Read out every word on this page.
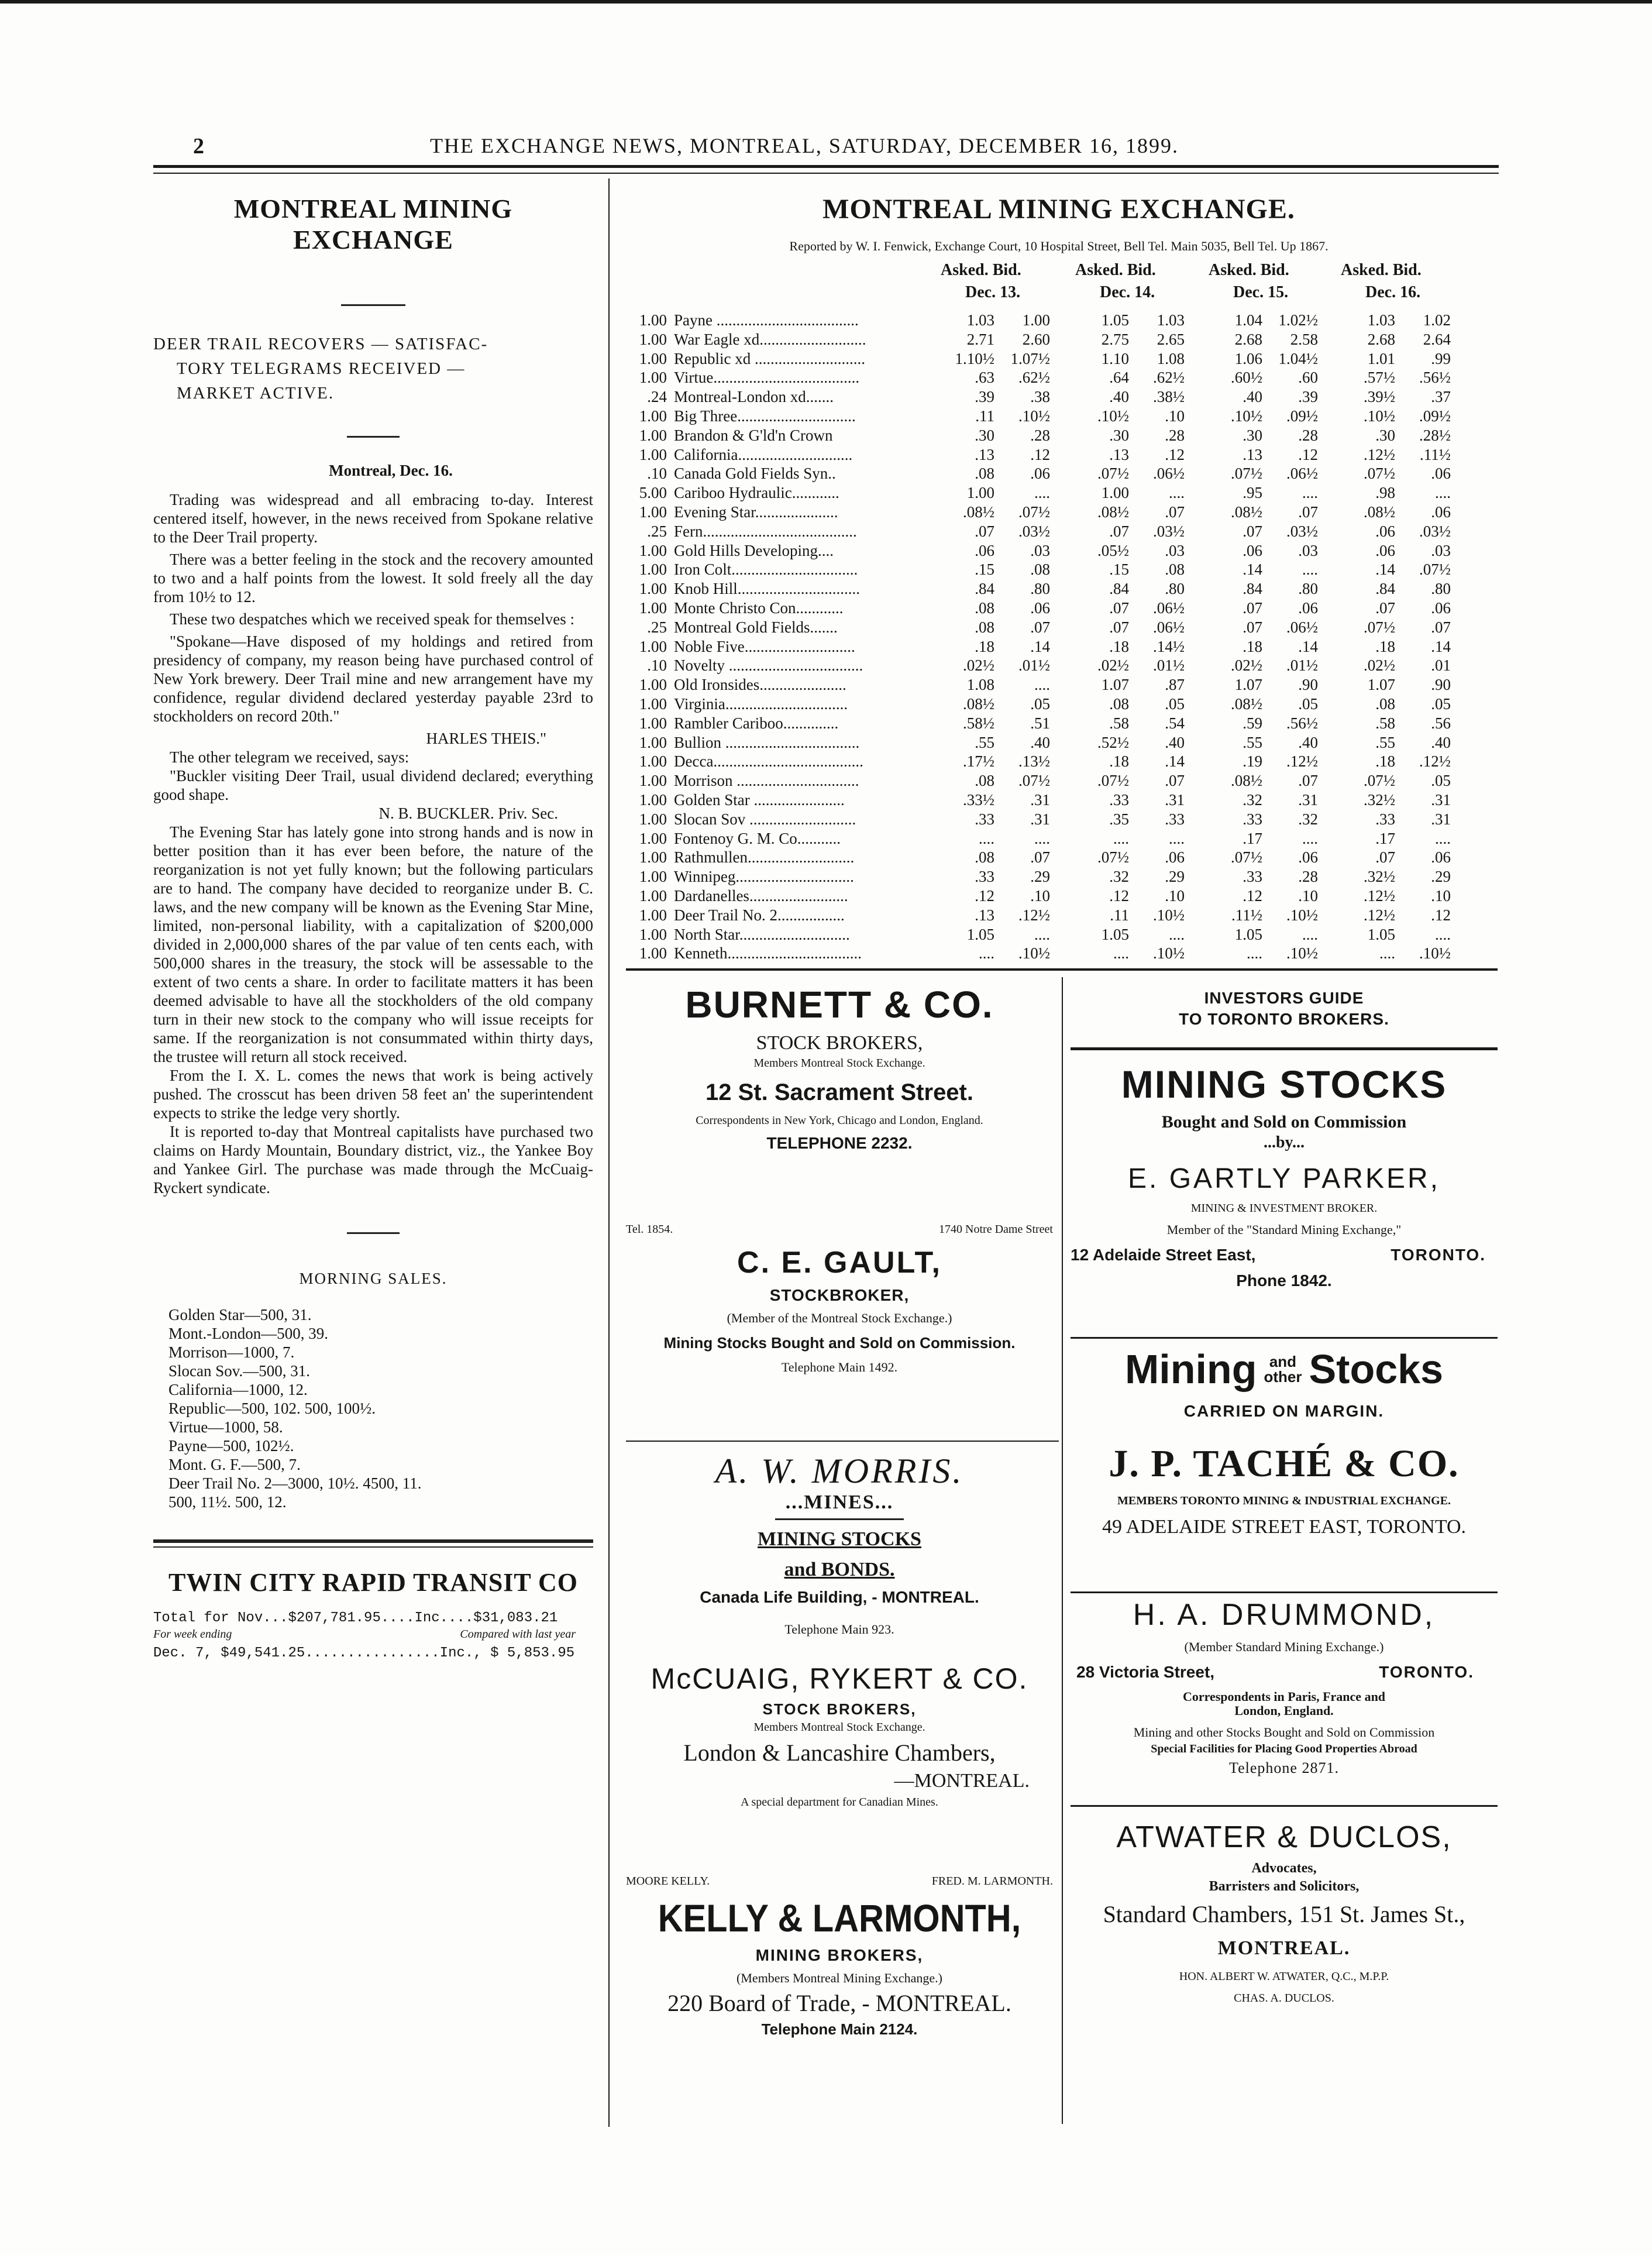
2	THE EXCHANGE NEWS, MONTREAL, SATURDAY, DECEMBER 16, 1899.
MONTREAL MINING EXCHANGE

DEER TRAIL RECOVERS — SATISFAC-

TORY TELEGRAMS RECEIVED —

MARKET ACTIVE.

Montreal, Dec. 16.

Trading was widespread and all embracing to-day. Interest centered itself, however, in the news received from Spokane relative to the Deer Trail property.

There was a better feeling in the stock and the recovery amounted to two and a half points from the lowest. It sold freely all the day from 10½ to 12.

These two despatches which we received speak for themselves :

"Spokane—Have disposed of my holdings and retired from presidency of company, my reason being have purchased control of New York brewery. Deer Trail mine and new arrangement have my confidence, regular dividend declared yesterday payable 23rd to stockholders on record 20th."

HARLES THEIS."

The other telegram we received, says:

"Buckler visiting Deer Trail, usual dividend declared; everything good shape.

N. B. BUCKLER. Priv. Sec.

The Evening Star has lately gone into strong hands and is now in better position than it has ever been before, the nature of the reorganization is not yet fully known; but the following particulars are to hand. The company have decided to reorganize under B. C. laws, and the new company will be known as the Evening Star Mine, limited, non-personal liability, with a capitalization of $200,000 divided in 2,000,000 shares of the par value of ten cents each, with 500,000 shares in the treasury, the stock will be assessable to the extent of two cents a share. In order to facilitate matters it has been deemed advisable to have all the stockholders of the old company turn in their new stock to the company who will issue receipts for same. If the reorganization is not consummated within thirty days, the trustee will return all stock received.

From the I. X. L. comes the news that work is being actively pushed. The crosscut has been driven 58 feet an' the superintendent expects to strike the ledge very shortly.

It is reported to-day that Montreal capitalists have purchased two claims on Hardy Mountain, Boundary district, viz., the Yankee Boy and Yankee Girl. The purchase was made through the McCuaig-Ryckert syndicate.

MORNING SALES.

Golden Star—500, 31.

Mont.-London—500, 39.

Morrison—1000, 7.

Slocan Sov.—500, 31.

California—1000, 12.

Republic—500, 102. 500, 100½.

Virtue—1000, 58.

Payne—500, 102½.

Mont. G. F.—500, 7.

Deer Trail No. 2—3000, 10½. 4500, 11.

500, 11½. 500, 12.

TWIN CITY RAPID TRANSIT CO

Total for Nov...$207,781.95....Inc....$31,083.21

For week ending	Compared with last year

Dec. 7, $49,541.25................Inc., $ 5,853.95

MONTREAL MINING EXCHANGE.
Reported by W. I. Fenwick, Exchange Court, 10 Hospital Street, Bell Tel. Main 5035, Bell Tel. Up 1867.
Asked. Bid.	Asked. Bid.	Asked. Bid.	Asked. Bid.
Dec. 13.	Dec. 14.	Dec. 15.	Dec. 16.
1.00 Payne ....................................	1.03	1.00	1.05	1.03	1.04	1.02½	1.03	1.02
1.00 War Eagle xd...........................	2.71	2.60	2.75	2.65	2.68	2.58	2.68	2.64
1.00 Republic xd ............................	1.10½	1.07½	1.10	1.08	1.06	1.04½	1.01	.99
1.00 Virtue.....................................	.63	.62½	.64	.62½	.60½	.60	.57½	.56½
.24 Montreal-London xd.......	.39	.38	.40	.38½	.40	.39	.39½	.37
1.00 Big Three..............................	.11	.10½	.10½	.10	.10½	.09½	.10½	.09½
1.00 Brandon & G'ld'n Crown	.30	.28	.30	.28	.30	.28	.30	.28½
1.00 California.............................	.13	.12	.13	.12	.13	.12	.12½	.11½
.10 Canada Gold Fields Syn..	.08	.06	.07½	.06½	.07½	.06½	.07½	.06
5.00 Cariboo Hydraulic............	1.00	....	1.00	....	.95	....	.98	....
1.00 Evening Star.....................	.08½	.07½	.08½	.07	.08½	.07	.08½	.06
.25 Fern.......................................	.07	.03½	.07	.03½	.07	.03½	.06	.03½
1.00 Gold Hills Developing....	.06	.03	.05½	.03	.06	.03	.06	.03
1.00 Iron Colt................................	.15	.08	.15	.08	.14	....	.14	.07½
1.00 Knob Hill...............................	.84	.80	.84	.80	.84	.80	.84	.80
1.00 Monte Christo Con............	.08	.06	.07	.06½	.07	.06	.07	.06
.25 Montreal Gold Fields.......	.08	.07	.07	.06½	.07	.06½	.07½	.07
1.00 Noble Five............................	.18	.14	.18	.14½	.18	.14	.18	.14
.10 Novelty ..................................	.02½	.01½	.02½	.01½	.02½	.01½	.02½	.01
1.00 Old Ironsides......................	1.08	....	1.07	.87	1.07	.90	1.07	.90
1.00 Virginia...............................	.08½	.05	.08	.05	.08½	.05	.08	.05
1.00 Rambler Cariboo..............	.58½	.51	.58	.54	.59	.56½	.58	.56
1.00 Bullion ..................................	.55	.40	.52½	.40	.55	.40	.55	.40
1.00 Decca......................................	.17½	.13½	.18	.14	.19	.12½	.18	.12½
1.00 Morrison ...............................	.08	.07½	.07½	.07	.08½	.07	.07½	.05
1.00 Golden Star .......................	.33½	.31	.33	.31	.32	.31	.32½	.31
1.00 Slocan Sov ...........................	.33	.31	.35	.33	.33	.32	.33	.31
1.00 Fontenoy G. M. Co...........	....	....	....	....	.17	....	.17	....
1.00 Rathmullen...........................	.08	.07	.07½	.06	.07½	.06	.07	.06
1.00 Winnipeg..............................	.33	.29	.32	.29	.33	.28	.32½	.29
1.00 Dardanelles.........................	.12	.10	.12	.10	.12	.10	.12½	.10
1.00 Deer Trail No. 2.................	.13	.12½	.11	.10½	.11½	.10½	.12½	.12
1.00 North Star............................	1.05	....	1.05	....	1.05	....	1.05	....
1.00 Kenneth..................................	....	.10½	....	.10½	....	.10½	....	.10½
BURNETT & CO.
STOCK BROKERS,
Members Montreal Stock Exchange.
12 St. Sacrament Street.
Correspondents in New York, Chicago and London, England.
TELEPHONE 2232.
Tel. 1854.	1740 Notre Dame Street
C. E. GAULT,
STOCKBROKER,
(Member of the Montreal Stock Exchange.)
Mining Stocks Bought and Sold on Commission.
Telephone Main 1492.
A. W. MORRIS.
...MINES...
MINING STOCKS
and BONDS.
Canada Life Building, - MONTREAL.
Telephone Main 923.
McCUAIG, RYKERT & CO.
STOCK BROKERS,
Members Montreal Stock Exchange.
London & Lancashire Chambers,
—MONTREAL.
A special department for Canadian Mines.
MOORE KELLY.	FRED. M. LARMONTH.
KELLY & LARMONTH,
MINING BROKERS,
(Members Montreal Mining Exchange.)
220 Board of Trade, - MONTREAL.
Telephone Main 2124.
INVESTORS GUIDE
TO TORONTO BROKERS.
MINING STOCKS
Bought and Sold on Commission
...by...
E. GARTLY PARKER,
MINING & INVESTMENT BROKER.
Member of the "Standard Mining Exchange,"
12 Adelaide Street East,	TORONTO.
Phone 1842.
Mining and
other Stocks
CARRIED ON MARGIN.
J. P. TACHÉ & CO.
MEMBERS TORONTO MINING & INDUSTRIAL EXCHANGE.
49 ADELAIDE STREET EAST, TORONTO.
H. A. DRUMMOND,
(Member Standard Mining Exchange.)
28 Victoria Street,	TORONTO.
Correspondents in Paris, France and London, England.
Mining and other Stocks Bought and Sold on Commission
Special Facilities for Placing Good Properties Abroad
Telephone 2871.
ATWATER & DUCLOS,
Advocates,
Barristers and Solicitors,
Standard Chambers, 151 St. James St.,
MONTREAL.
HON. ALBERT W. ATWATER, Q.C., M.P.P.
CHAS. A. DUCLOS.
